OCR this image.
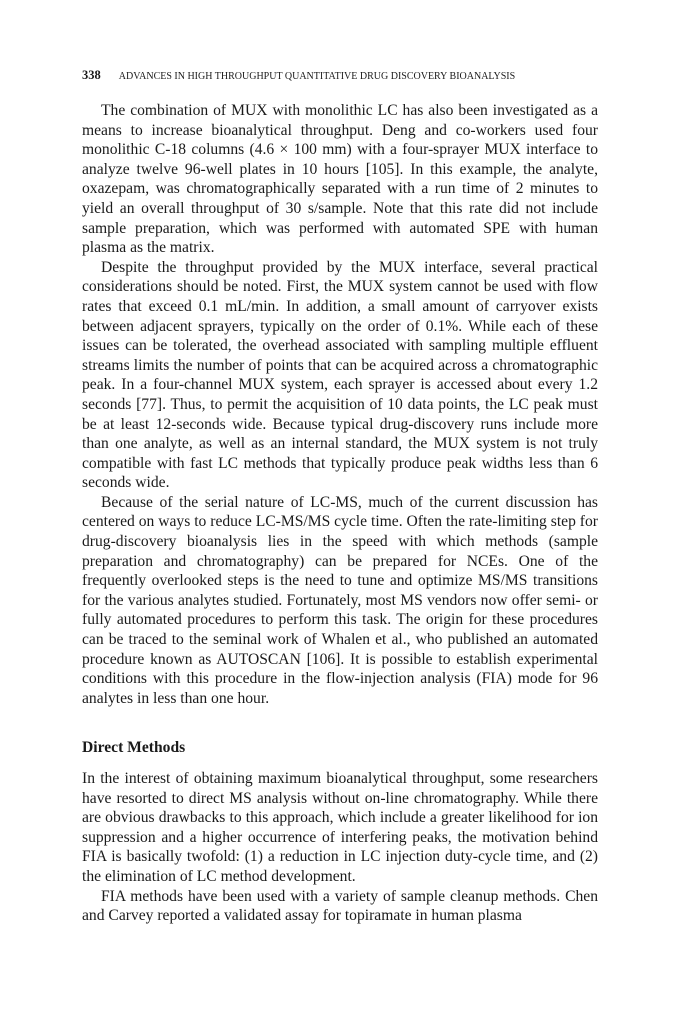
338 ADVANCES IN HIGH THROUGHPUT QUANTITATIVE DRUG DISCOVERY BIOANALYSIS

The combination of MUX with monolithic LC has also been investigated as a means to increase bioanalytical throughput. Deng and co-workers used four monolithic C-18 columns (4.6 × 100 mm) with a four-sprayer MUX interface to analyze twelve 96-well plates in 10 hours [105]. In this example, the analyte, oxazepam, was chromatographically separated with a run time of 2 minutes to yield an overall throughput of 30 s/sample. Note that this rate did not include sample preparation, which was performed with automated SPE with human plasma as the matrix.

Despite the throughput provided by the MUX interface, several practical considerations should be noted. First, the MUX system cannot be used with flow rates that exceed 0.1 mL/min. In addition, a small amount of carryover exists between adjacent sprayers, typically on the order of 0.1%. While each of these issues can be tolerated, the overhead associated with sampling multiple effluent streams limits the number of points that can be acquired across a chromatographic peak. In a four-channel MUX system, each sprayer is accessed about every 1.2 seconds [77]. Thus, to permit the acquisition of 10 data points, the LC peak must be at least 12-seconds wide. Because typical drug-discovery runs include more than one analyte, as well as an internal standard, the MUX system is not truly compatible with fast LC methods that typically produce peak widths less than 6 seconds wide.

Because of the serial nature of LC-MS, much of the current discussion has centered on ways to reduce LC-MS/MS cycle time. Often the rate-limiting step for drug-discovery bioanalysis lies in the speed with which methods (sample preparation and chromatography) can be prepared for NCEs. One of the frequently overlooked steps is the need to tune and optimize MS/MS transitions for the various analytes studied. Fortunately, most MS vendors now offer semi- or fully automated procedures to perform this task. The origin for these procedures can be traced to the seminal work of Whalen et al., who published an automated procedure known as AUTOSCAN [106]. It is possible to establish experimental conditions with this procedure in the flow-injection analysis (FIA) mode for 96 analytes in less than one hour.

Direct Methods

In the interest of obtaining maximum bioanalytical throughput, some researchers have resorted to direct MS analysis without on-line chromatography. While there are obvious drawbacks to this approach, which include a greater likelihood for ion suppression and a higher occurrence of interfering peaks, the motivation behind FIA is basically twofold: (1) a reduction in LC injection duty-cycle time, and (2) the elimination of LC method development.

FIA methods have been used with a variety of sample cleanup methods. Chen and Carvey reported a validated assay for topiramate in human plasma
